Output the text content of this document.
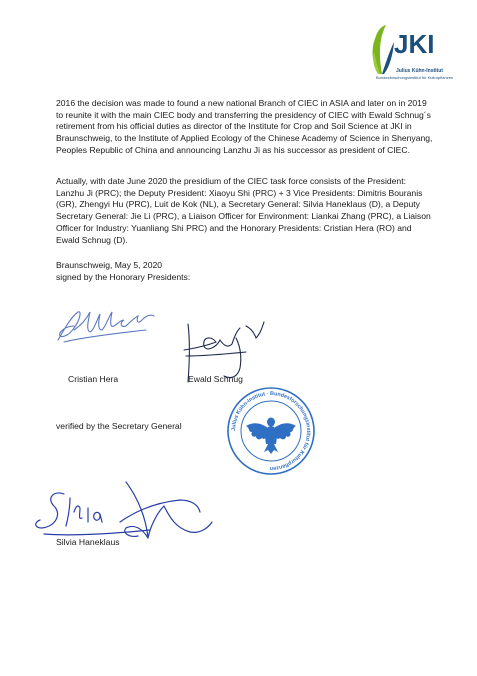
JKI
Julius Kühn-Institut
Bundesforschungsinstitut für Kulturpflanzen

2016 the decision was made to found a new national Branch of CIEC in ASIA and later on in 2019 to reunite it with the main CIEC body and transferring the presidency of CIEC with Ewald Schnug´s retirement from his official duties as director of the Institute for Crop and Soil Science at JKI in Braunschweig, to the Institute of Applied Ecology of the Chinese Academy of Science in Shenyang, Peoples Republic of China and announcing Lanzhu Ji as his successor as president of CIEC.

Actually, with date June 2020 the presidium of the CIEC task force consists of the President: Lanzhu Ji (PRC); the Deputy President: Xiaoyu Shi (PRC) + 3 Vice Presidents: Dimitris Bouranis (GR), Zhengyi Hu (PRC), Luit de Kok (NL), a Secretary General: Silvia Haneklaus (D), a Deputy Secretary General: Jie Li (PRC), a Liaison Officer for Environment: Liankai Zhang (PRC), a Liaison Officer for Industry: Yuanliang Shi PRC) and the Honorary Presidents: Cristian Hera (RO) and Ewald Schnug (D).

Braunschweig, May 5, 2020
signed by the Honorary Presidents:
Cristian Hera	Ewald Schnug
verified by the Secretary General	Julius Kühn-Institut · Bundesforschungsinstitut für Kulturpflanzen
Silvia Haneklaus
